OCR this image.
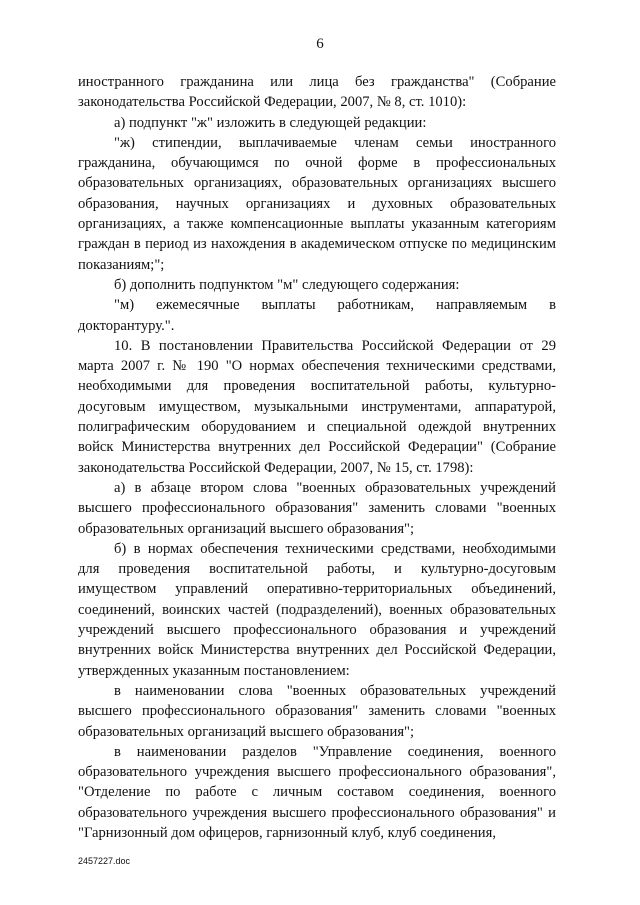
6

иностранного гражданина или лица без гражданства" (Собрание законодательства Российской Федерации, 2007, № 8, ст. 1010):

а) подпункт "ж" изложить в следующей редакции:

"ж) стипендии, выплачиваемые членам семьи иностранного гражданина, обучающимся по очной форме в профессиональных образовательных организациях, образовательных организациях высшего образования, научных организациях и духовных образовательных организациях, а также компенсационные выплаты указанным категориям граждан в период из нахождения в академическом отпуске по медицинским показаниям;";

б) дополнить подпунктом "м" следующего содержания:

"м) ежемесячные выплаты работникам, направляемым в докторантуру.".

10. В постановлении Правительства Российской Федерации от 29 марта 2007 г. № 190 "О нормах обеспечения техническими средствами, необходимыми для проведения воспитательной работы, культурно-досуговым имуществом, музыкальными инструментами, аппаратурой, полиграфическим оборудованием и специальной одеждой внутренних войск Министерства внутренних дел Российской Федерации" (Собрание законодательства Российской Федерации, 2007, № 15, ст. 1798):

а) в абзаце втором слова "военных образовательных учреждений высшего профессионального образования" заменить словами "военных образовательных организаций высшего образования";

б) в нормах обеспечения техническими средствами, необходимыми для проведения воспитательной работы, и культурно-досуговым имуществом управлений оперативно-территориальных объединений, соединений, воинских частей (подразделений), военных образовательных учреждений высшего профессионального образования и учреждений внутренних войск Министерства внутренних дел Российской Федерации, утвержденных указанным постановлением:

в наименовании слова "военных образовательных учреждений высшего профессионального образования" заменить словами "военных образовательных организаций высшего образования";

в наименовании разделов "Управление соединения, военного образовательного учреждения высшего профессионального образования", "Отделение по работе с личным составом соединения, военного образовательного учреждения высшего профессионального образования" и "Гарнизонный дом офицеров, гарнизонный клуб, клуб соединения,

2457227.doc
